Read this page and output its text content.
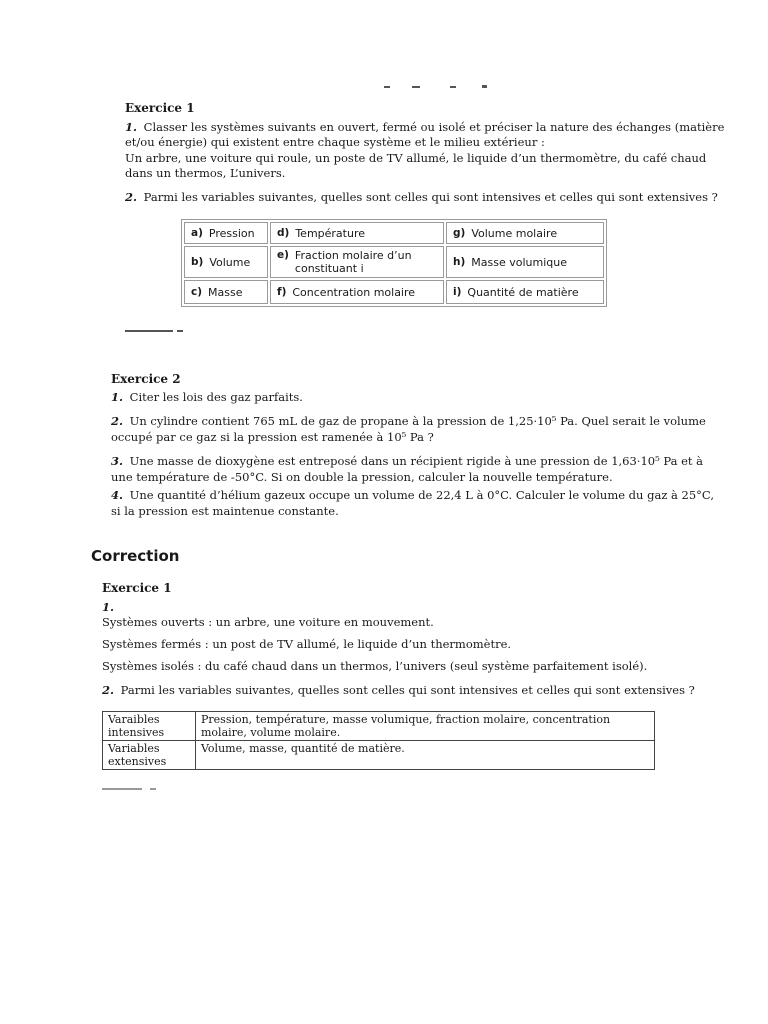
Exercice 1
1. Classer les systèmes suivants en ouvert, fermé ou isolé et préciser la nature des échanges (matière
et/ou énergie) qui existent entre chaque système et le milieu extérieur :
Un arbre, une voiture qui roule, un poste de TV allumé, le liquide d’un thermomètre, du café chaud
dans un thermos, L’univers.
2. Parmi les variables suivantes, quelles sont celles qui sont intensives et celles qui sont extensives ?
a) Pression	d) Température	g) Volume molaire

b) Volume	e) Fraction molaire d’un constituant i	h) Masse volumique

c) Masse	f) Concentration molaire	i) Quantité de matière
Exercice 2
1. Citer les lois des gaz parfaits.
2. Un cylindre contient 765 mL de gaz de propane à la pression de 1,25·10⁵ Pa. Quel serait le volume
occupé par ce gaz si la pression est ramenée à 10⁵ Pa ?
3. Une masse de dioxygène est entreposé dans un récipient rigide à une pression de 1,63·10⁵ Pa et à
une température de -50°C. Si on double la pression, calculer la nouvelle température.
4. Une quantité d’hélium gazeux occupe un volume de 22,4 L à 0°C. Calculer le volume du gaz à 25°C,
si la pression est maintenue constante.
Correction
Exercice 1
1.
Systèmes ouverts : un arbre, une voiture en mouvement.
Systèmes fermés : un post de TV allumé, le liquide d’un thermomètre.
Systèmes isolés : du café chaud dans un thermos, l’univers (seul système parfaitement isolé).
2. Parmi les variables suivantes, quelles sont celles qui sont intensives et celles qui sont extensives ?
Varaibles intensives	Pression, température, masse volumique, fraction molaire, concentration molaire, volume molaire.
Variables extensives	Volume, masse, quantité de matière.
